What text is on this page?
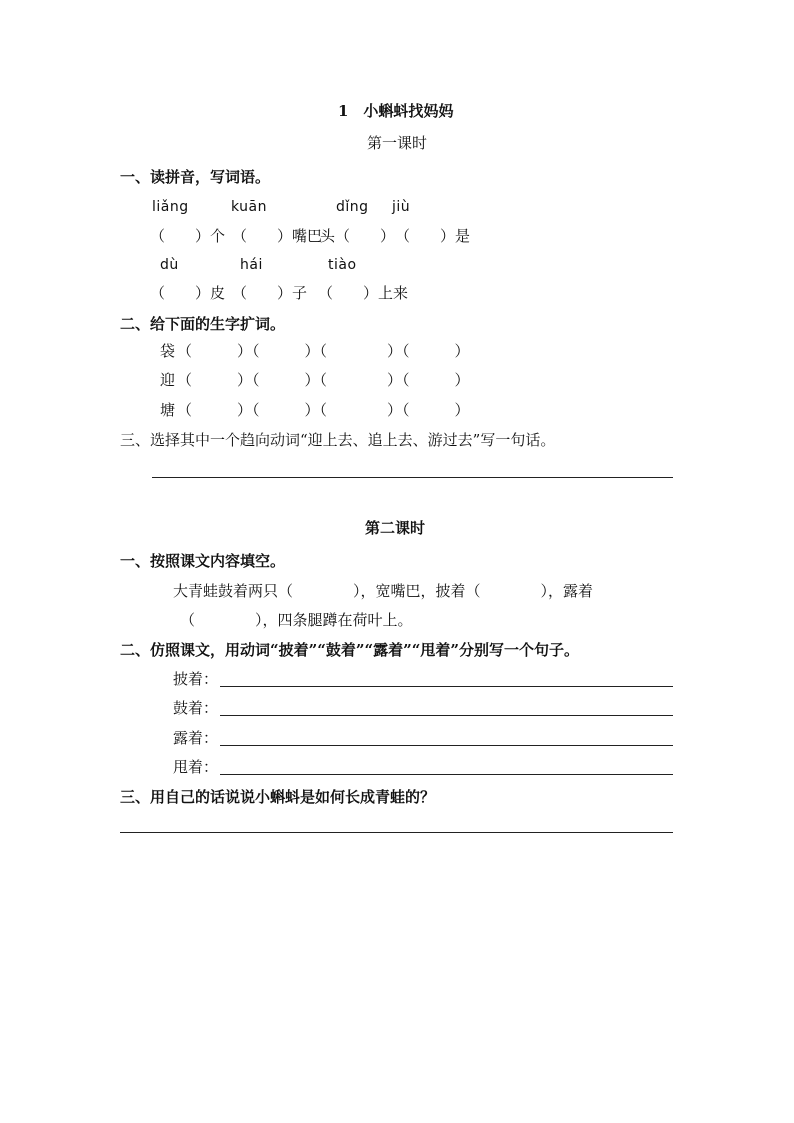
1　小蝌蚪找妈妈
第一课时
一、读拼音，写词语。
liǎng	kuān	dǐng jiù
（　　）个 （　　）嘴巴
头（　　） （　　）是
dù	hái	tiào
（　　）皮 （　　）子 （　　）上来
二、给下面的生字扩词。
袋 （　　　）（　　　）（　　　　）（　　　）
迎 （　　　）（　　　）（　　　　）（　　　）
塘 （　　　）（　　　）（　　　　）（　　　）
三、选择其中一个趋向动词“迎上去、追上去、游过去”写一句话。
第二课时
一、按照课文内容填空。
大青蛙鼓着两只（　　　　），宽嘴巴，披着（　　　　），露着
（　　　　），四条腿蹲在荷叶上。
二、仿照课文，用动词“披着”“鼓着”“露着”“甩着”分别写一个句子。
披着：
鼓着：
露着：
甩着：
三、用自己的话说说小蝌蚪是如何长成青蛙的？
